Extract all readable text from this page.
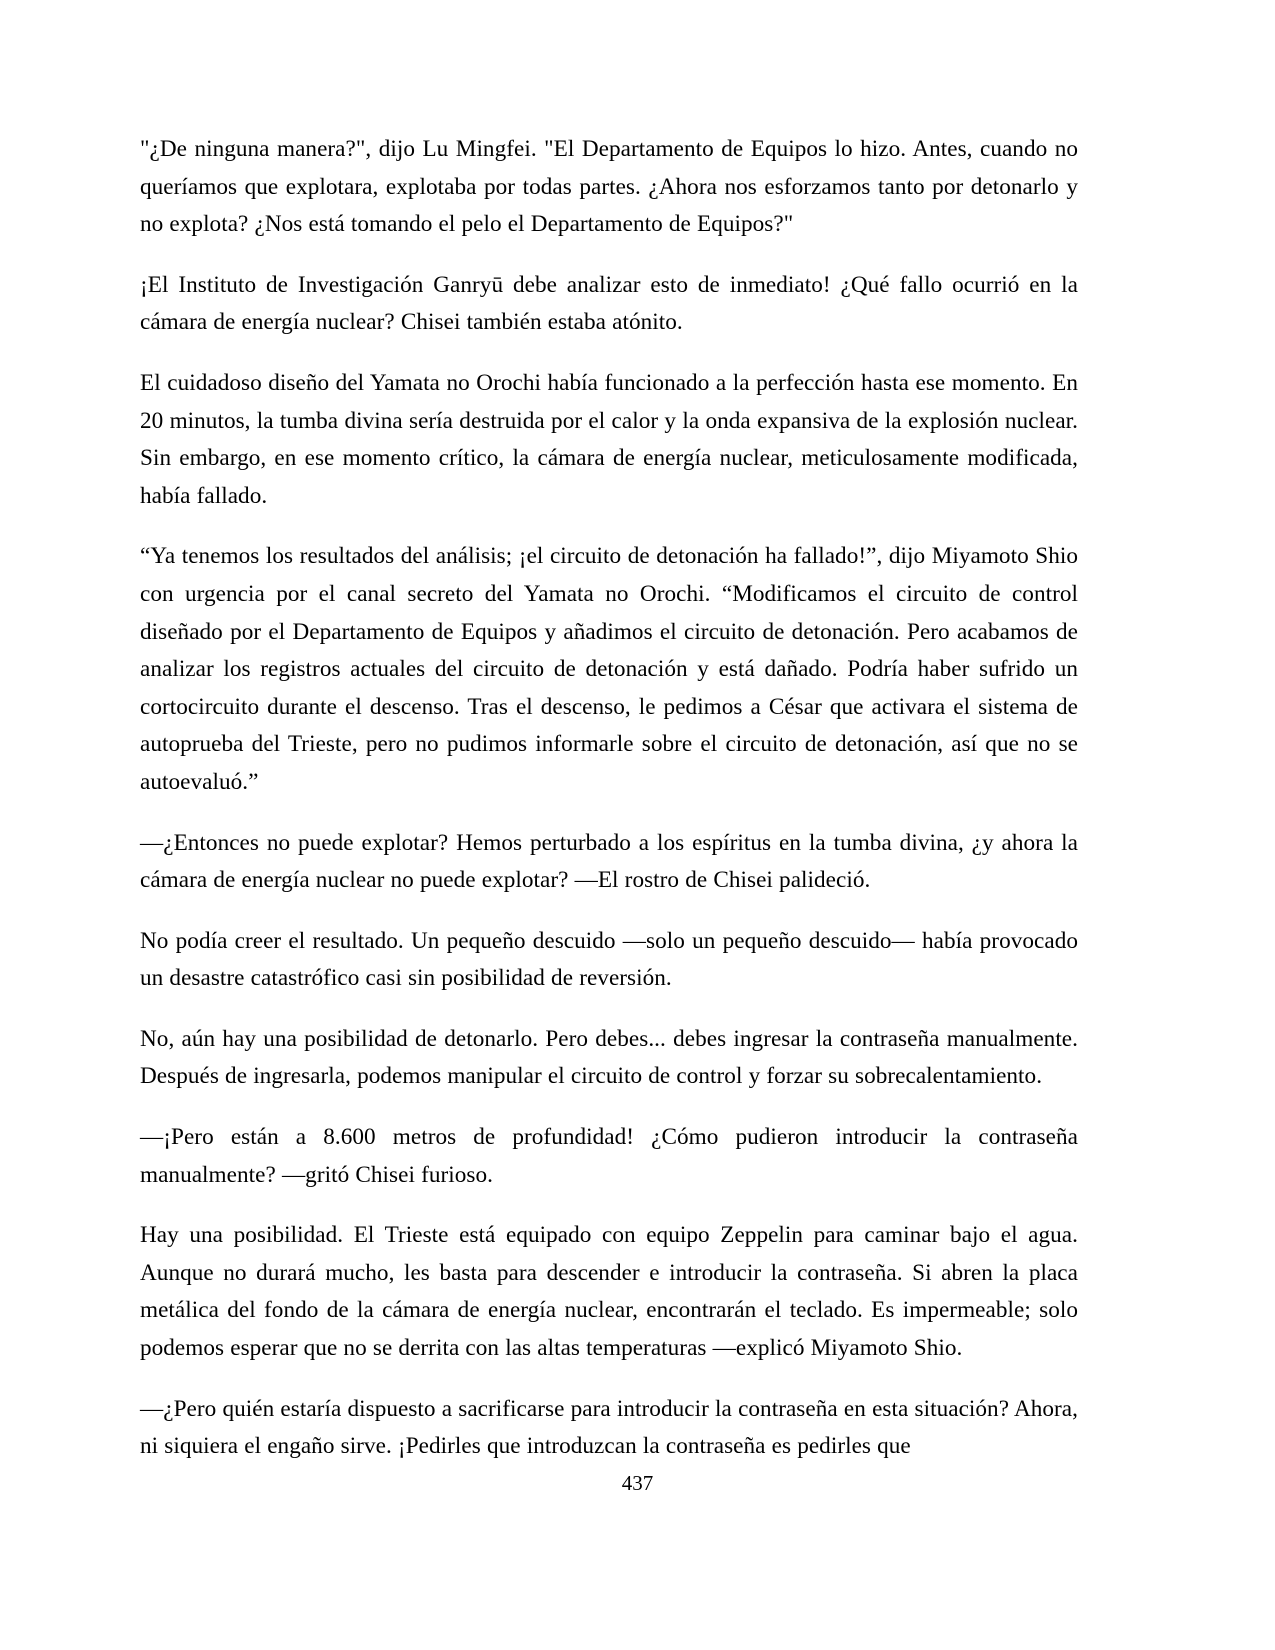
"¿De ninguna manera?", dijo Lu Mingfei. "El Departamento de Equipos lo hizo. Antes, cuando no queríamos que explotara, explotaba por todas partes. ¿Ahora nos esforzamos tanto por detonarlo y no explota? ¿Nos está tomando el pelo el Departamento de Equipos?"

¡El Instituto de Investigación Ganryū debe analizar esto de inmediato! ¿Qué fallo ocurrió en la cámara de energía nuclear? Chisei también estaba atónito.

El cuidadoso diseño del Yamata no Orochi había funcionado a la perfección hasta ese momento. En 20 minutos, la tumba divina sería destruida por el calor y la onda expansiva de la explosión nuclear. Sin embargo, en ese momento crítico, la cámara de energía nuclear, meticulosamente modificada, había fallado.

“Ya tenemos los resultados del análisis; ¡el circuito de detonación ha fallado!”, dijo Miyamoto Shio con urgencia por el canal secreto del Yamata no Orochi. “Modificamos el circuito de control diseñado por el Departamento de Equipos y añadimos el circuito de detonación. Pero acabamos de analizar los registros actuales del circuito de detonación y está dañado. Podría haber sufrido un cortocircuito durante el descenso. Tras el descenso, le pedimos a César que activara el sistema de autoprueba del Trieste, pero no pudimos informarle sobre el circuito de detonación, así que no se autoevaluó.”

—¿Entonces no puede explotar? Hemos perturbado a los espíritus en la tumba divina, ¿y ahora la cámara de energía nuclear no puede explotar? —El rostro de Chisei palideció.

No podía creer el resultado. Un pequeño descuido —solo un pequeño descuido— había provocado un desastre catastrófico casi sin posibilidad de reversión.

No, aún hay una posibilidad de detonarlo. Pero debes... debes ingresar la contraseña manualmente. Después de ingresarla, podemos manipular el circuito de control y forzar su sobrecalentamiento.

—¡Pero están a 8.600 metros de profundidad! ¿Cómo pudieron introducir la contraseña manualmente? —gritó Chisei furioso.

Hay una posibilidad. El Trieste está equipado con equipo Zeppelin para caminar bajo el agua. Aunque no durará mucho, les basta para descender e introducir la contraseña. Si abren la placa metálica del fondo de la cámara de energía nuclear, encontrarán el teclado. Es impermeable; solo podemos esperar que no se derrita con las altas temperaturas —explicó Miyamoto Shio.

—¿Pero quién estaría dispuesto a sacrificarse para introducir la contraseña en esta situación? Ahora, ni siquiera el engaño sirve. ¡Pedirles que introduzcan la contraseña es pedirles que

437
